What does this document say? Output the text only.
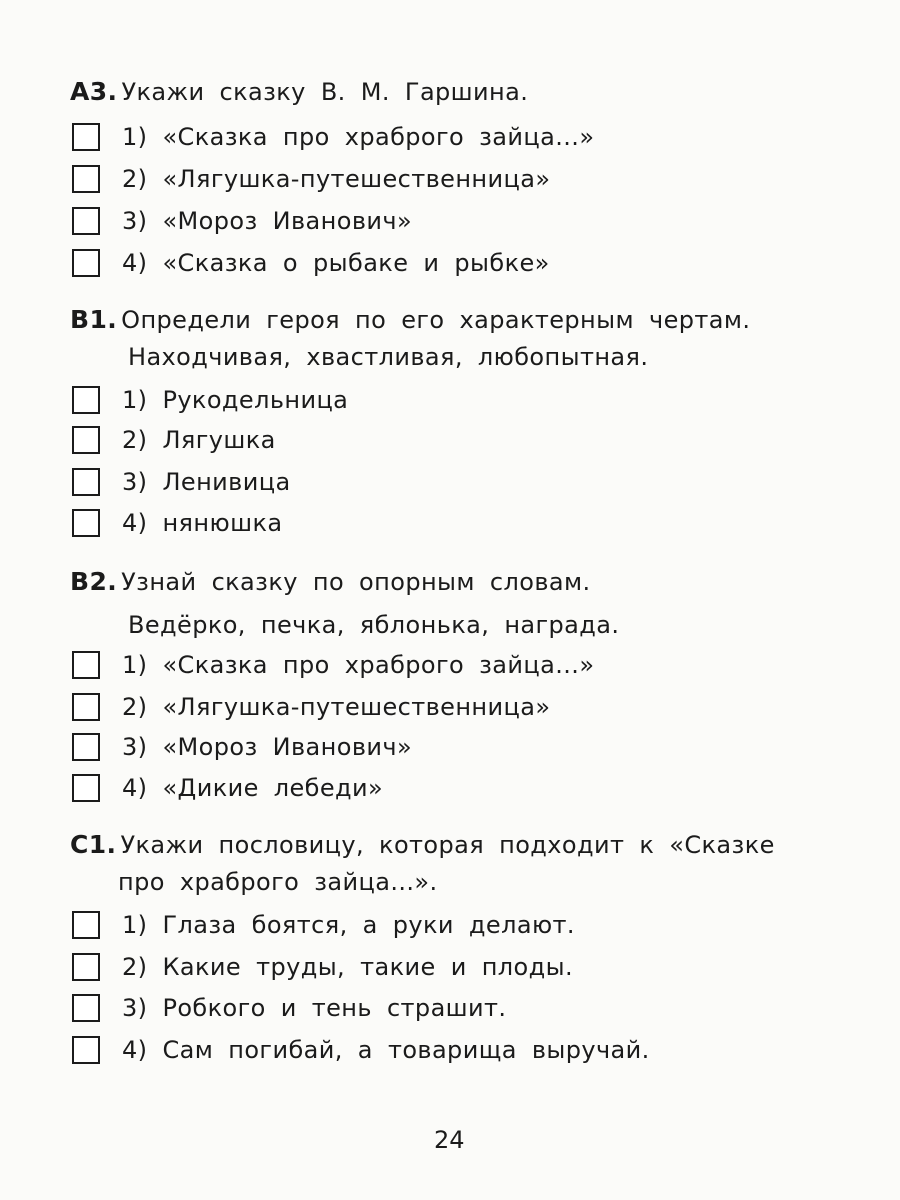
А3. Укажи сказку В. М. Гаршина.
1) «Сказка про храброго зайца...»
2) «Лягушка-путешественница»
3) «Мороз Иванович»
4) «Сказка о рыбаке и рыбке»
В1. Определи героя по его характерным чертам.
Находчивая, хвастливая, любопытная.
1) Рукодельница
2) Лягушка
3) Ленивица
4) нянюшка
В2. Узнай сказку по опорным словам.
Ведёрко, печка, яблонька, награда.
1) «Сказка про храброго зайца...»
2) «Лягушка-путешественница»
3) «Мороз Иванович»
4) «Дикие лебеди»
С1. Укажи пословицу, которая подходит к «Сказке
про храброго зайца...».
1) Глаза боятся, а руки делают.
2) Какие труды, такие и плоды.
3) Робкого и тень страшит.
4) Сам погибай, а товарища выручай.
24
